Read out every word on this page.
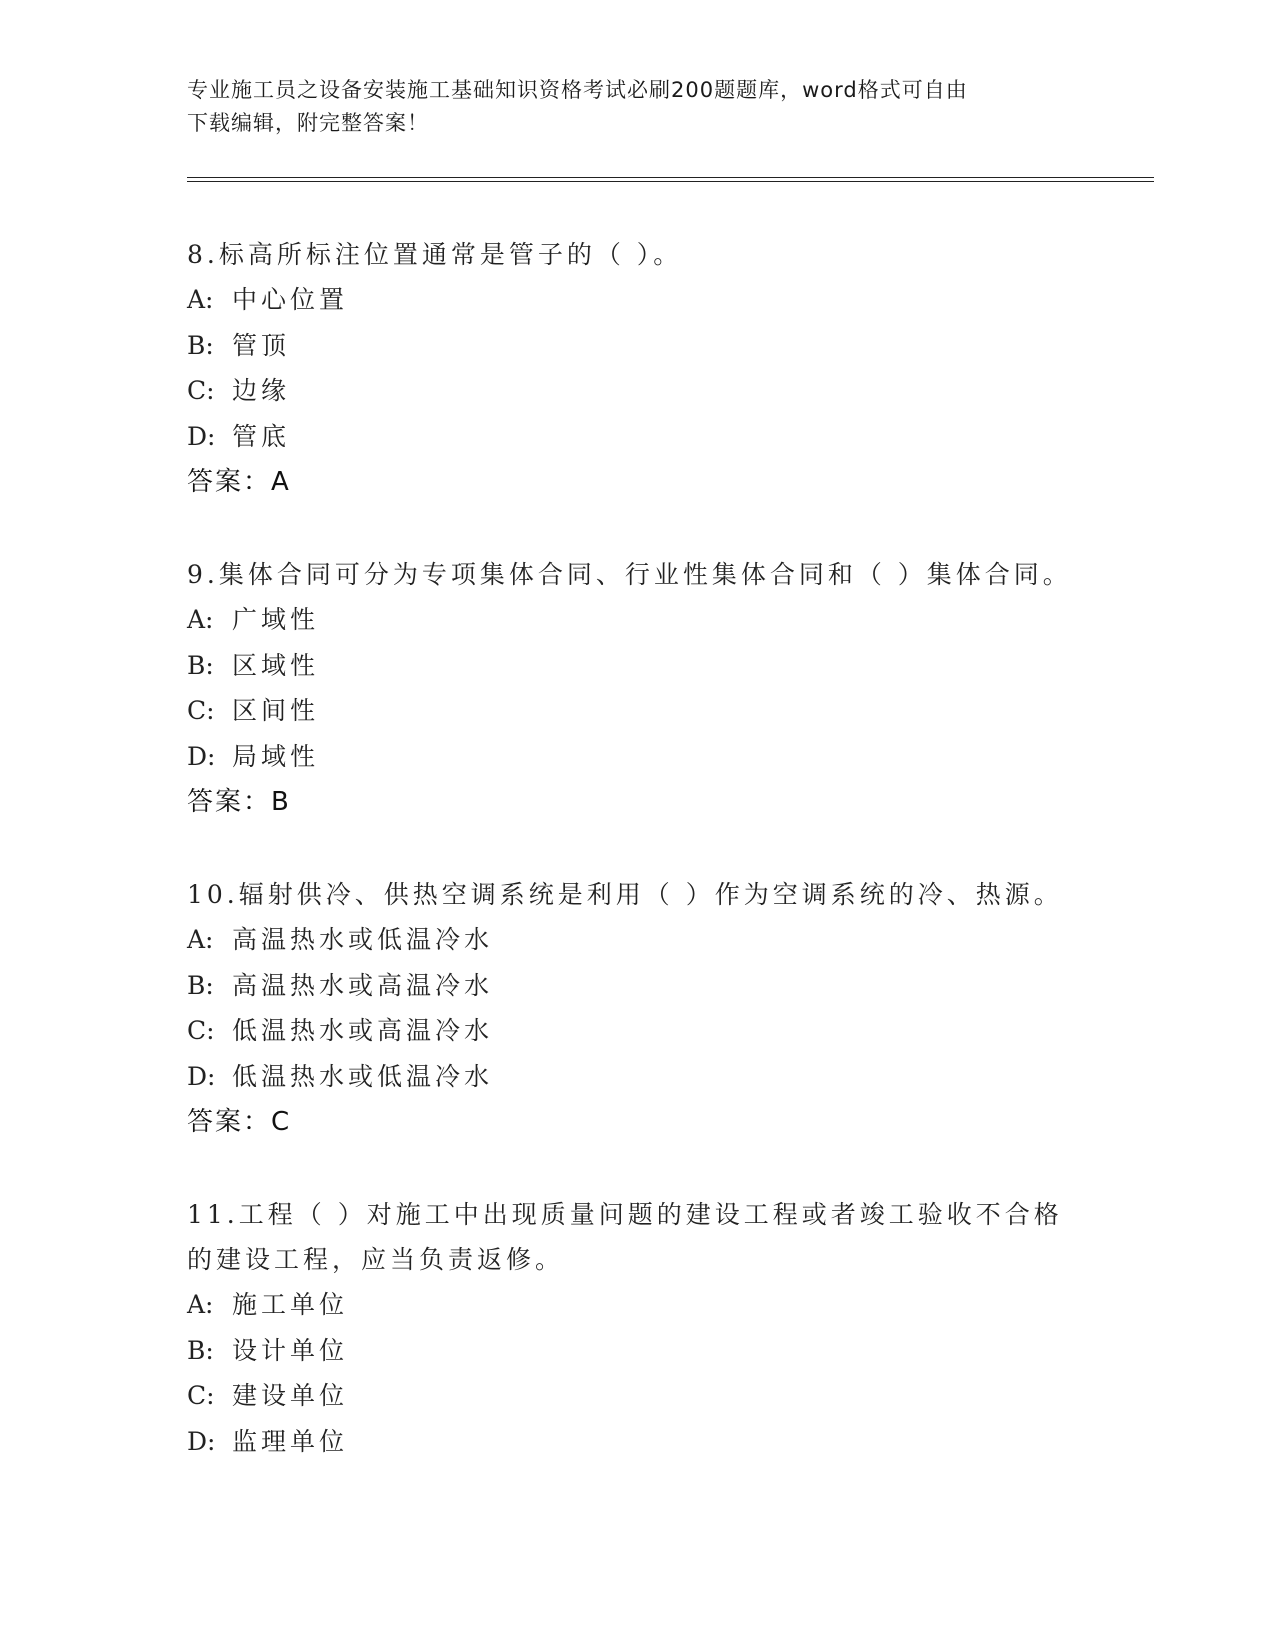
专业施工员之设备安装施工基础知识资格考试必刷200题题库，word格式可自由
下载编辑，附完整答案！
8.标高所标注位置通常是管子的（ ）。
A: 中心位置
B: 管顶
C: 边缘
D: 管底
答案：A
9.集体合同可分为专项集体合同、行业性集体合同和（ ）集体合同。
A: 广域性
B: 区域性
C: 区间性
D: 局域性
答案：B
10.辐射供冷、供热空调系统是利用（ ）作为空调系统的冷、热源。
A: 高温热水或低温冷水
B: 高温热水或高温冷水
C: 低温热水或高温冷水
D: 低温热水或低温冷水
答案：C
11.工程（ ）对施工中出现质量问题的建设工程或者竣工验收不合格
的建设工程，应当负责返修。
A: 施工单位
B: 设计单位
C: 建设单位
D: 监理单位
